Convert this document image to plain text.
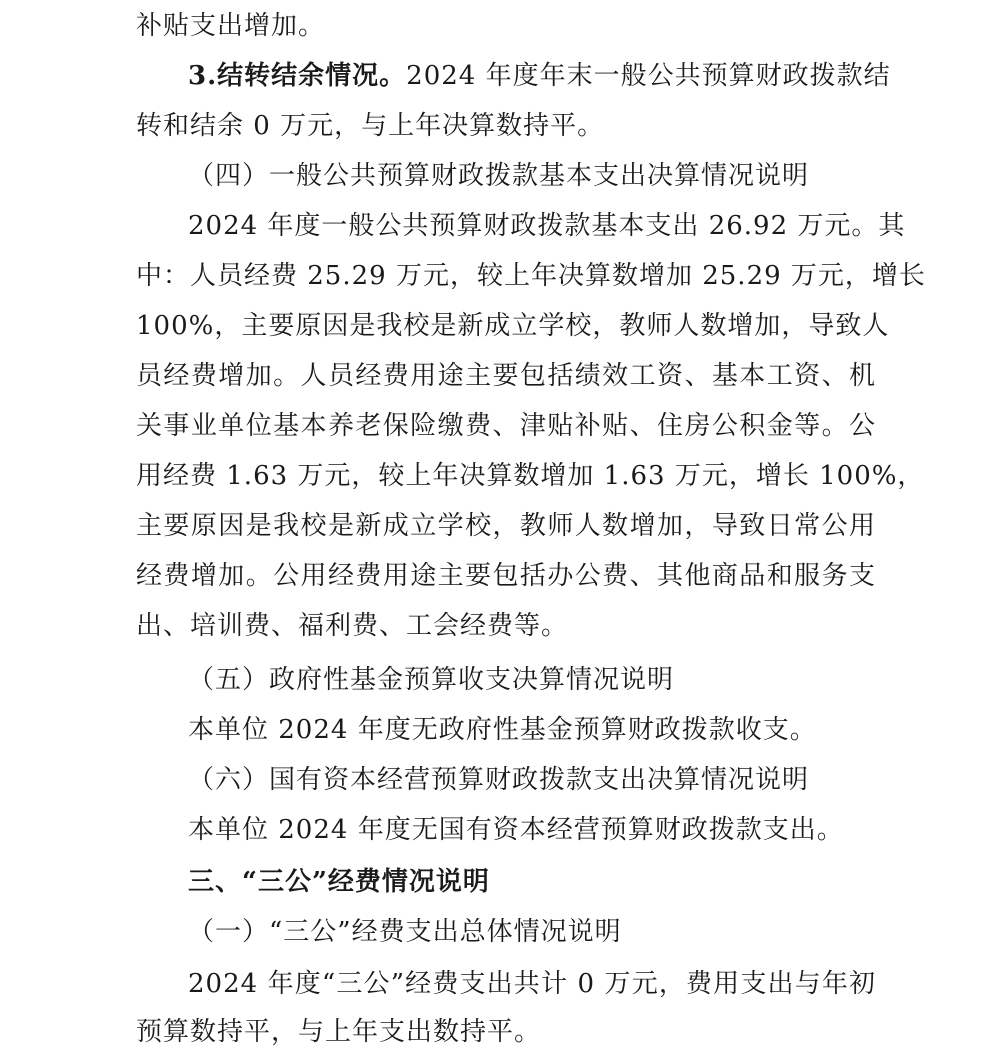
补贴支出增加。
3.结转结余情况。2024 年度年末一般公共预算财政拨款结
转和结余 0 万元，与上年决算数持平。
（四）一般公共预算财政拨款基本支出决算情况说明
2024 年度一般公共预算财政拨款基本支出 26.92 万元。其
中：人员经费 25.29 万元，较上年决算数增加 25.29 万元，增长
100%，主要原因是我校是新成立学校，教师人数增加，导致人
员经费增加。人员经费用途主要包括绩效工资、基本工资、机
关事业单位基本养老保险缴费、津贴补贴、住房公积金等。公
用经费 1.63 万元，较上年决算数增加 1.63 万元，增长 100%，
主要原因是我校是新成立学校，教师人数增加，导致日常公用
经费增加。公用经费用途主要包括办公费、其他商品和服务支
出、培训费、福利费、工会经费等。
（五）政府性基金预算收支决算情况说明
本单位 2024 年度无政府性基金预算财政拨款收支。
（六）国有资本经营预算财政拨款支出决算情况说明
本单位 2024 年度无国有资本经营预算财政拨款支出。
三、“三公”经费情况说明
（一）“三公”经费支出总体情况说明
2024 年度“三公”经费支出共计 0 万元，费用支出与年初
预算数持平，与上年支出数持平。
